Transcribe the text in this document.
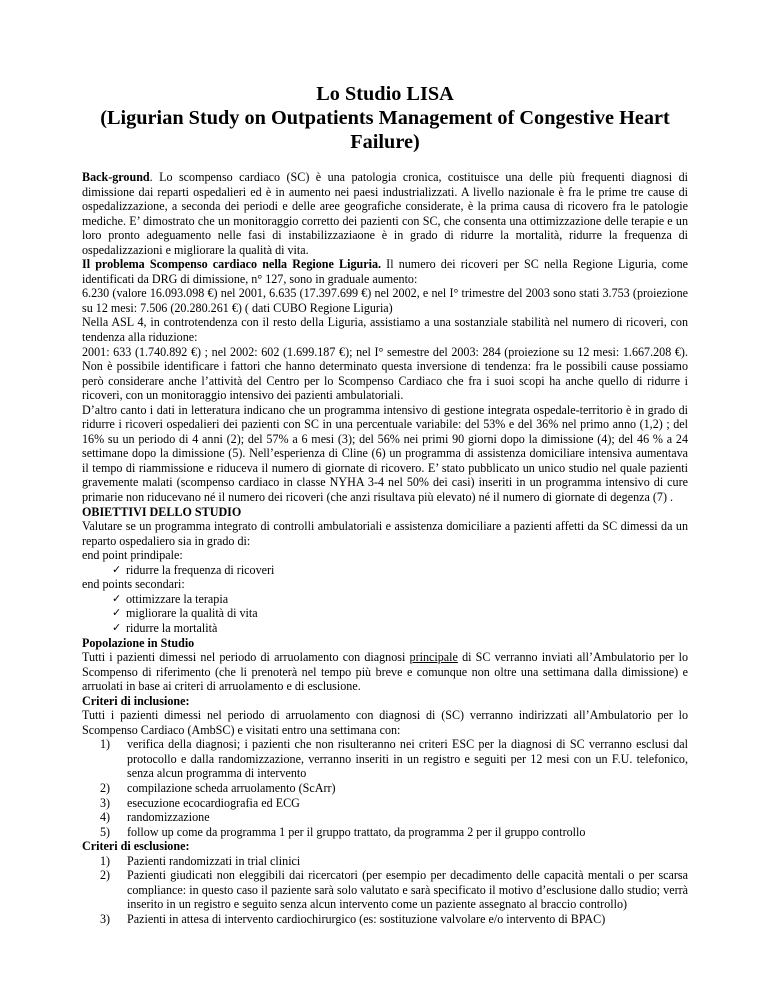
Lo Studio LISA
(Ligurian Study on Outpatients Management of Congestive Heart
Failure)

Back-ground. Lo scompenso cardiaco (SC) è una patologia cronica, costituisce una delle più frequenti diagnosi di dimissione dai reparti ospedalieri ed è in aumento nei paesi industrializzati. A livello nazionale è fra le prime tre cause di ospedalizzazione, a seconda dei periodi e delle aree geografiche considerate, è la prima causa di ricovero fra le patologie mediche. E’ dimostrato che un monitoraggio corretto dei pazienti con SC, che consenta una ottimizzazione delle terapie e un loro pronto adeguamento nelle fasi di instabilizzaziaone è in grado di ridurre la mortalità, ridurre la frequenza di ospedalizzazioni e migliorare la qualità di vita.

Il problema Scompenso cardiaco nella Regione Liguria. Il numero dei ricoveri per SC nella Regione Liguria, come identificati da DRG di dimissione, n° 127, sono in graduale aumento:

6.230 (valore 16.093.098 €) nel 2001, 6.635 (17.397.699 €) nel 2002, e nel I° trimestre del 2003 sono stati 3.753 (proiezione su 12 mesi: 7.506 (20.280.261 €) ( dati CUBO Regione Liguria)

Nella ASL 4, in controtendenza con il resto della Liguria, assistiamo a una sostanziale stabilità nel numero di ricoveri, con tendenza alla riduzione:

2001: 633 (1.740.892 €) ; nel 2002: 602 (1.699.187 €); nel I° semestre del 2003: 284 (proiezione su 12 mesi: 1.667.208 €). Non è possibile identificare i fattori che hanno determinato questa inversione di tendenza: fra le possibili cause possiamo però considerare anche l’attività del Centro per lo Scompenso Cardiaco che fra i suoi scopi ha anche quello di ridurre i ricoveri, con un monitoraggio intensivo dei pazienti ambulatoriali.

D’altro canto i dati in letteratura indicano che un programma intensivo di gestione integrata ospedale-territorio è in grado di ridurre i ricoveri ospedalieri dei pazienti con SC in una percentuale variabile: del 53% e del 36% nel primo anno (1,2) ; del 16% su un periodo di 4 anni (2); del 57% a 6 mesi (3); del 56% nei primi 90 giorni dopo la dimissione (4); del 46 % a 24 settimane dopo la dimissione (5). Nell’esperienza di Cline (6) un programma di assistenza domiciliare intensiva aumentava il tempo di riammissione e riduceva il numero di giornate di ricovero. E’ stato pubblicato un unico studio nel quale pazienti gravemente malati (scompenso cardiaco in classe NYHA 3-4 nel 50% dei casi) inseriti in un programma intensivo di cure primarie non riducevano né il numero dei ricoveri (che anzi risultava più elevato) né il numero di giornate di degenza (7) .

OBIETTIVI DELLO STUDIO

Valutare se un programma integrato di controlli ambulatoriali e assistenza domiciliare a pazienti affetti da SC dimessi da un reparto ospedaliero sia in grado di:

end point prindipale:

✓ ridurre la frequenza di ricoveri

end points secondari:

✓ ottimizzare la terapia
✓ migliorare la qualità di vita
✓ ridurre la mortalità

Popolazione in Studio

Tutti i pazienti dimessi nel periodo di arruolamento con diagnosi principale di SC verranno inviati all’Ambulatorio per lo Scompenso di riferimento (che li prenoterà nel tempo più breve e comunque non oltre una settimana dalla dimissione) e arruolati in base ai criteri di arruolamento e di esclusione.

Criteri di inclusione:

Tutti i pazienti dimessi nel periodo di arruolamento con diagnosi di (SC) verranno indirizzati all’Ambulatorio per lo Scompenso Cardiaco (AmbSC) e visitati entro una settimana con:

1) verifica della diagnosi; i pazienti che non risulteranno nei criteri ESC per la diagnosi di SC verranno esclusi dal protocollo e dalla randomizzazione, verranno inseriti in un registro e seguiti per 12 mesi con un F.U. telefonico, senza alcun programma di intervento
2) compilazione scheda arruolamento (ScArr)
3) esecuzione ecocardiografia ed ECG
4) randomizzazione
5) follow up come da programma 1 per il gruppo trattato, da programma 2 per il gruppo controllo

Criteri di esclusione:

1) Pazienti randomizzati in trial clinici
2) Pazienti giudicati non eleggibili dai ricercatori (per esempio per decadimento delle capacità mentali o per scarsa compliance: in questo caso il paziente sarà solo valutato e sarà specificato il motivo d’esclusione dallo studio; verrà inserito in un registro e seguito senza alcun intervento come un paziente assegnato al braccio controllo)
3) Pazienti in attesa di intervento cardiochirurgico (es: sostituzione valvolare e/o intervento di BPAC)
